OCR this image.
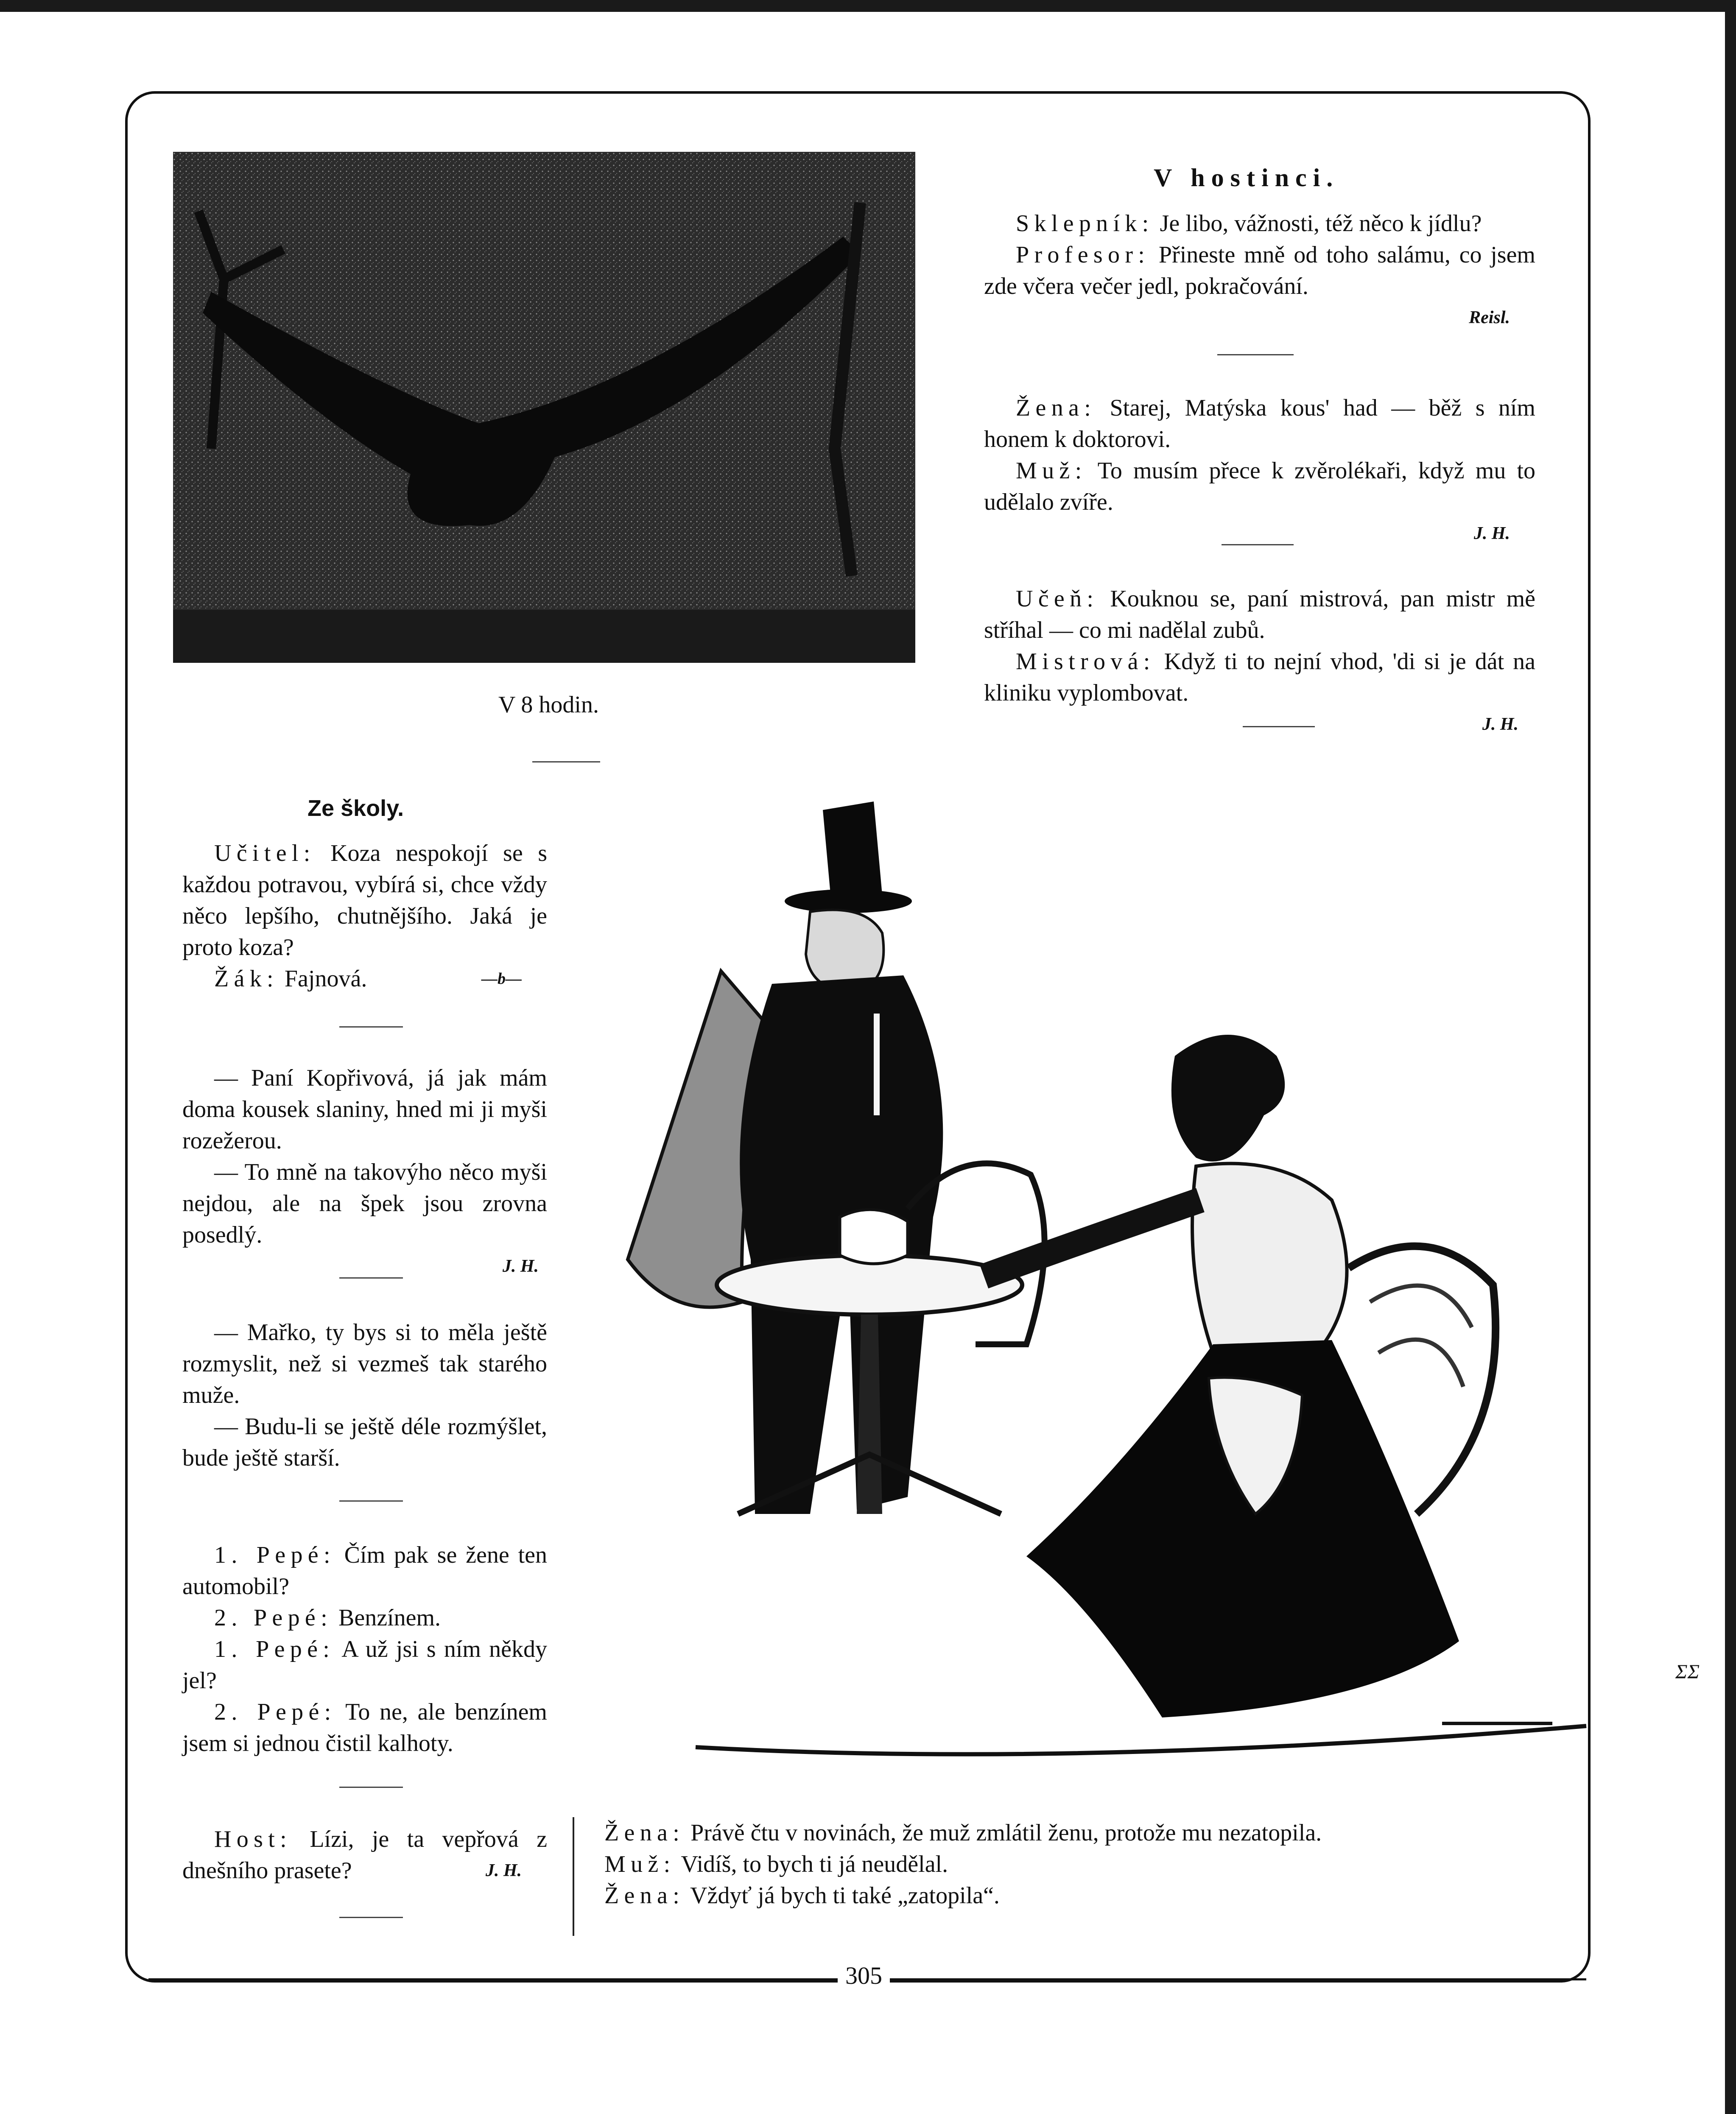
V 8 hodin.
V hostinci.

Sklepník: Je libo, vážnosti, též něco k jídlu?

Profesor: Přineste mně od toho salámu, co jsem zde včera večer jedl, pokračování.

Reisl.

Žena: Starej, Matýska kous' had — běž s ním honem k doktorovi.

Muž: To musím přece k zvěrolékaři, když mu to udělalo zvíře.

J. H.

Učeň: Kouknou se, paní mistrová, pan mistr mě stříhal — co mi nadělal zubů.

Mistrová: Když ti to nejní vhod, 'di si je dát na kliniku vyplombovat.

J. H.
Ze školy.

Učitel: Koza nespokojí se s každou potravou, vybírá si, chce vždy něco lepšího, chutnějšího. Jaká je proto koza?

Žák: Fajnová.	—b—

— Paní Kopřivová, já jak mám doma kousek slaniny, hned mi ji myši rozežerou.

— To mně na takovýho něco myši nejdou, ale na špek jsou zrovna posedlý.

J. H.

— Mařko, ty bys si to měla ještě rozmyslit, než si vezmeš tak starého muže.

— Budu-li se ještě déle rozmýšlet, bude ještě starší.

1. Pepé: Čím pak se žene ten automobil?

2. Pepé: Benzínem.

1. Pepé: A už jsi s ním někdy jel?

2. Pepé: To ne, ale benzínem jsem si jednou čistil kalhoty.

Host: Lízi, je ta vepřová z dnešního prasete?	J. H.
ΣΣ

Žena: Právě čtu v novinách, že muž zmlátil ženu, protože mu nezatopila.

Muž: Vidíš, to bych ti já neudělal.

Žena: Vždyť já bych ti také „zatopila“.

305
